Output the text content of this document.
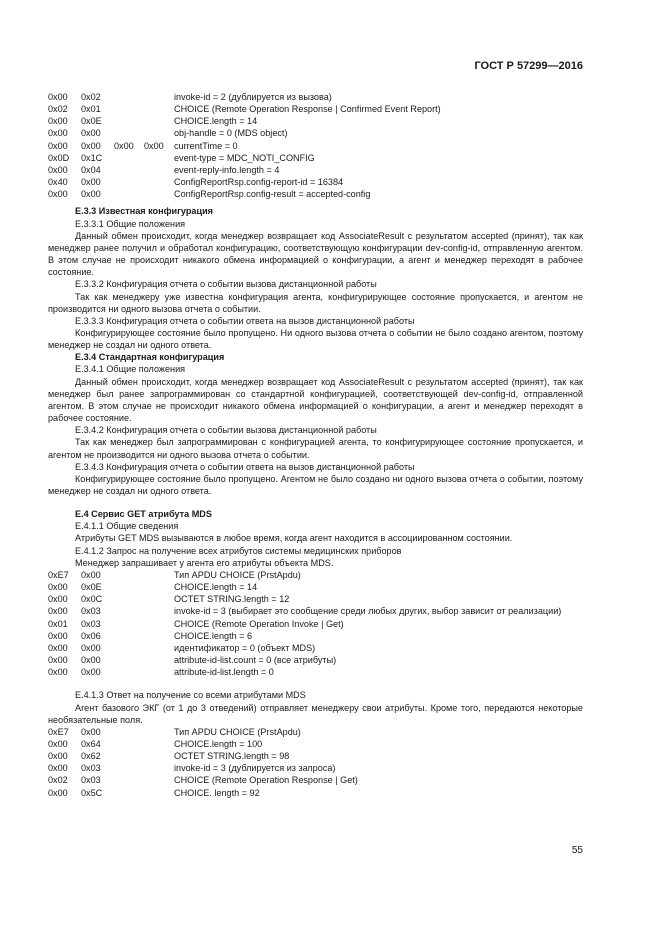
ГОСТ Р 57299—2016
0x00	0x02	invoke-id = 2 (дублируется из вызова)
0x02	0x01	CHOICE (Remote Operation Response | Confirmed Event Report)
0x00	0x0E	CHOICE.length = 14
0x00	0x00	obj-handle = 0 (MDS object)
0x00	0x00	0x00	0x00	currentTime = 0
0x0D	0x1C	event-type = MDC_NOTI_CONFIG
0x00	0x04	event-reply-info.length = 4
0x40	0x00	ConfigReportRsp.config-report-id = 16384
0x00	0x00	ConfigReportRsp.config-result = accepted-config
E.3.3 Известная конфигурация
E.3.3.1 Общие положения
Данный обмен происходит, когда менеджер возвращает код AssociateResult с результатом accepted (принят), так как менеджер ранее получил и обработал конфигурацию, соответствующую конфигурации dev-config-id, отправленную агентом. В этом случае не происходит никакого обмена информацией о конфигурации, а агент и менеджер переходят в рабочее состояние.
E.3.3.2 Конфигурация отчета о событии вызова дистанционной работы
Так как менеджеру уже известна конфигурация агента, конфигурирующее состояние пропускается, и агентом не производится ни одного вызова отчета о событии.
E.3.3.3 Конфигурация отчета о событии ответа на вызов дистанционной работы
Конфигурирующее состояние было пропущено. Ни одного вызова отчета о событии не было создано агентом, поэтому менеджер не создал ни одного ответа.
E.3.4 Стандартная конфигурация
E.3.4.1 Общие положения
Данный обмен происходит, когда менеджер возвращает код AssociateResult с результатом accepted (принят), так как менеджер был ранее запрограммирован со стандартной конфигурацией, соответствующей dev-config-id, отправленной агентом. В этом случае не происходит никакого обмена информацией о конфигурации, а агент и менеджер переходят в рабочее состояние.
E.3.4.2 Конфигурация отчета о событии вызова дистанционной работы
Так как менеджер был запрограммирован с конфигурацией агента, то конфигурирующее состояние пропускается, и агентом не производится ни одного вызова отчета о событии.
E.3.4.3 Конфигурация отчета о событии ответа на вызов дистанционной работы
Конфигурирующее состояние было пропущено. Агентом не было создано ни одного вызова отчета о событии, поэтому менеджер не создал ни одного ответа.
E.4 Сервис GET атрибута MDS
E.4.1.1 Общие сведения
Атрибуты GET MDS вызываются в любое время, когда агент находится в ассоциированном состоянии.
E.4.1.2 Запрос на получение всех атрибутов системы медицинских приборов
Менеджер запрашивает у агента его атрибуты объекта MDS.
0xE7	0x00	Тип APDU CHOICE (PrstApdu)
0x00	0x0E	CHOICE.length = 14
0x00	0x0C	OCTET STRING.length = 12
0x00	0x03	invoke-id = 3 (выбирает это сообщение среди любых других, выбор зависит от реализации)
0x01	0x03	CHOICE (Remote Operation Invoke | Get)
0x00	0x06	CHOICE.length = 6
0x00	0x00	идентификатор = 0 (объект MDS)
0x00	0x00	attribute-id-list.count = 0 (все атрибуты)
0x00	0x00	attribute-id-list.length = 0
E.4.1.3 Ответ на получение со всеми атрибутами MDS
Агент базового ЭКГ (от 1 до 3 отведений) отправляет менеджеру свои атрибуты. Кроме того, передаются некоторые необязательные поля.
0xE7	0x00	Тип APDU CHOICE (PrstApdu)
0x00	0x64	CHOICE.length = 100
0x00	0x62	OCTET STRING.length = 98
0x00	0x03	invoke-id = 3 (дублируется из запроса)
0x02	0x03	CHOICE (Remote Operation Response | Get)
0x00	0x5C	CHOICE. length = 92
55
